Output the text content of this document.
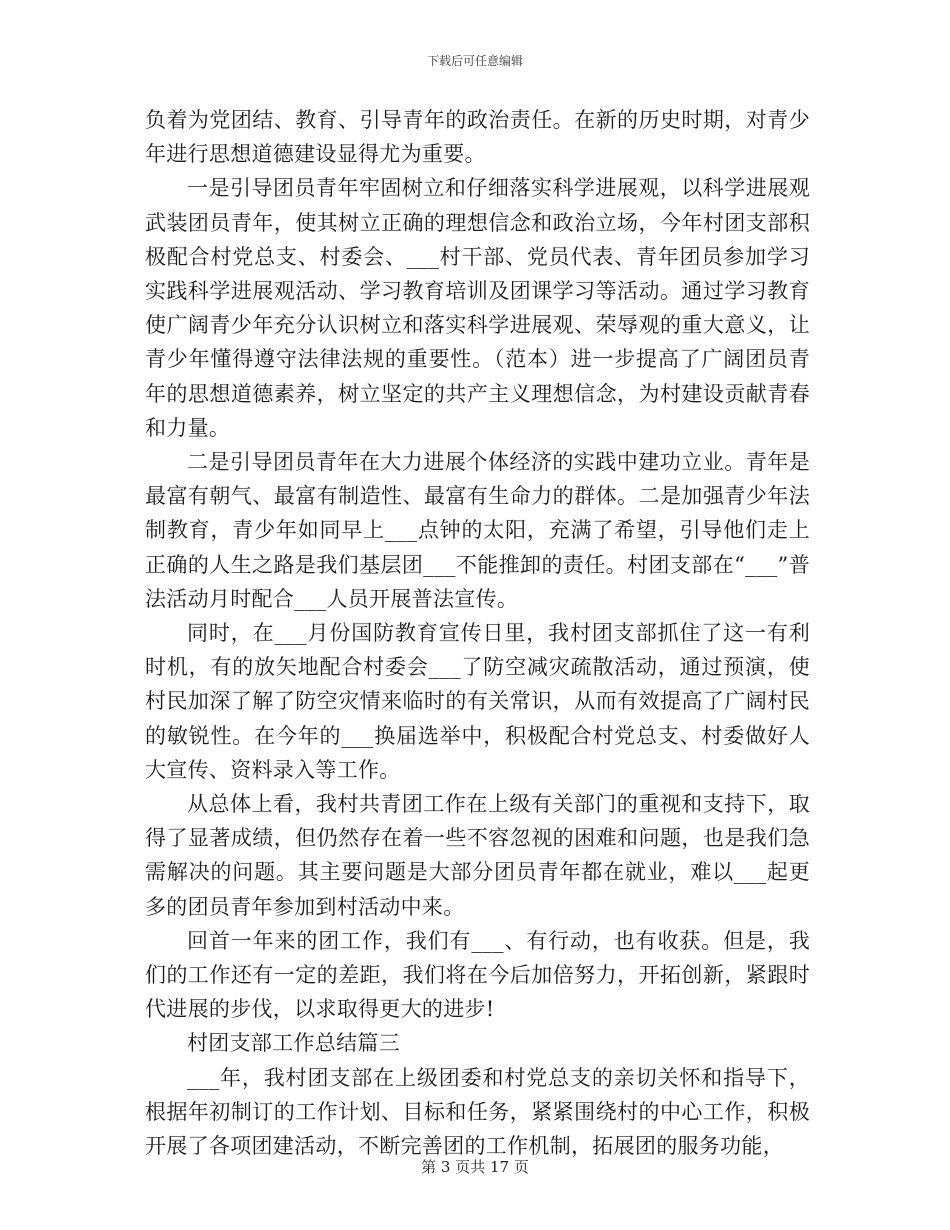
下载后可任意编辑

负着为党团结、教育、引导青年的政治责任。在新的历史时期，对青少年进行思想道德建设显得尤为重要。

一是引导团员青年牢固树立和仔细落实科学进展观，以科学进展观武装团员青年，使其树立正确的理想信念和政治立场，今年村团支部积极配合村党总支、村委会、___村干部、党员代表、青年团员参加学习实践科学进展观活动、学习教育培训及团课学习等活动。通过学习教育使广阔青少年充分认识树立和落实科学进展观、荣辱观的重大意义，让青少年懂得遵守法律法规的重要性。（范本）进一步提高了广阔团员青年的思想道德素养，树立坚定的共产主义理想信念，为村建设贡献青春和力量。

二是引导团员青年在大力进展个体经济的实践中建功立业。青年是最富有朝气、最富有制造性、最富有生命力的群体。二是加强青少年法制教育，青少年如同早上___点钟的太阳，充满了希望，引导他们走上正确的人生之路是我们基层团___不能推卸的责任。村团支部在“___”普法活动月时配合___人员开展普法宣传。

同时，在___月份国防教育宣传日里，我村团支部抓住了这一有利时机，有的放矢地配合村委会___了防空减灾疏散活动，通过预演，使村民加深了解了防空灾情来临时的有关常识，从而有效提高了广阔村民的敏锐性。在今年的___换届选举中，积极配合村党总支、村委做好人大宣传、资料录入等工作。

从总体上看，我村共青团工作在上级有关部门的重视和支持下，取得了显著成绩，但仍然存在着一些不容忽视的困难和问题，也是我们急需解决的问题。其主要问题是大部分团员青年都在就业，难以___起更多的团员青年参加到村活动中来。

回首一年来的团工作，我们有___、有行动，也有收获。但是，我们的工作还有一定的差距，我们将在今后加倍努力，开拓创新，紧跟时代进展的步伐，以求取得更大的进步!

村团支部工作总结篇三

___年，我村团支部在上级团委和村党总支的亲切关怀和指导下，根据年初制订的工作计划、目标和任务，紧紧围绕村的中心工作，积极开展了各项团建活动，不断完善团的工作机制，拓展团的服务功能，

第 3 页共 17 页
